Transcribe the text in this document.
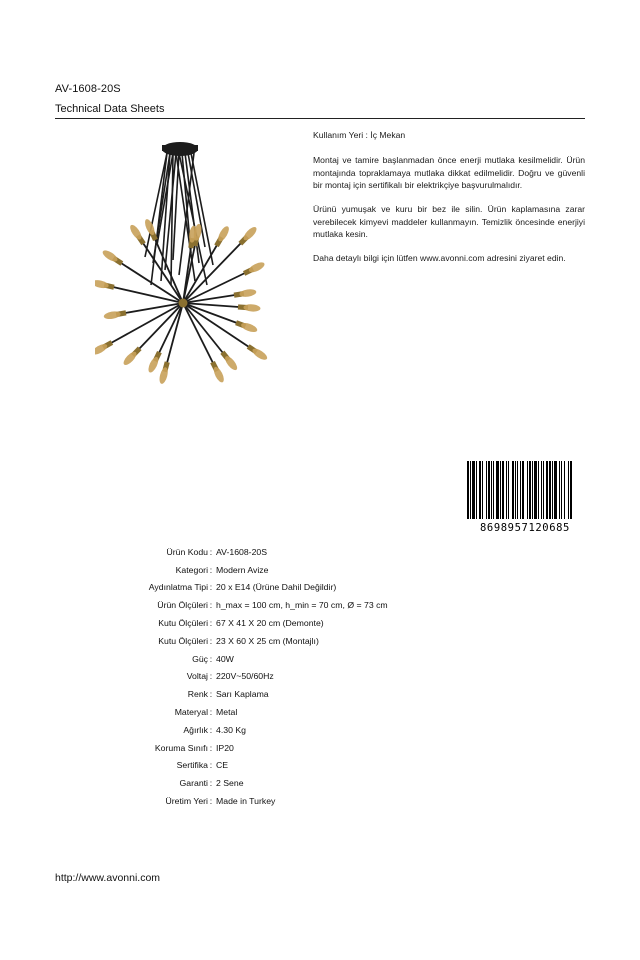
AV-1608-20S
Technical Data Sheets

Kullanım Yeri : İç Mekan

Montaj ve tamire başlanmadan önce enerji mutlaka kesilmelidir. Ürün montajında topraklamaya mutlaka dikkat edilmelidir. Doğru ve güvenli bir montaj için sertifikalı bir elektrikçiye başvurulmalıdır.

Ürünü yumuşak ve kuru bir bez ile silin. Ürün kaplamasına zarar verebilecek kimyevi maddeler kullanmayın. Temizlik öncesinde enerjiyi mutlaka kesin.

Daha detaylı bilgi için lütfen www.avonni.com adresini ziyaret edin.

8698957120685
Ürün Kodu : AV-1608-20S
Kategori : Modern Avize
Aydınlatma Tipi : 20 x E14 (Ürüne Dahil Değildir)
Ürün Ölçüleri : h_max = 100 cm, h_min = 70 cm, Ø = 73 cm
Kutu Ölçüleri : 67 X 41 X 20 cm (Demonte)
Kutu Ölçüleri : 23 X 60 X 25 cm (Montajlı)
Güç : 40W
Voltaj : 220V~50/60Hz
Renk : Sarı Kaplama
Materyal : Metal
Ağırlık : 4.30 Kg
Koruma Sınıfı : IP20
Sertifika : CE
Garanti : 2 Sene
Üretim Yeri : Made in Turkey
http://www.avonni.com
